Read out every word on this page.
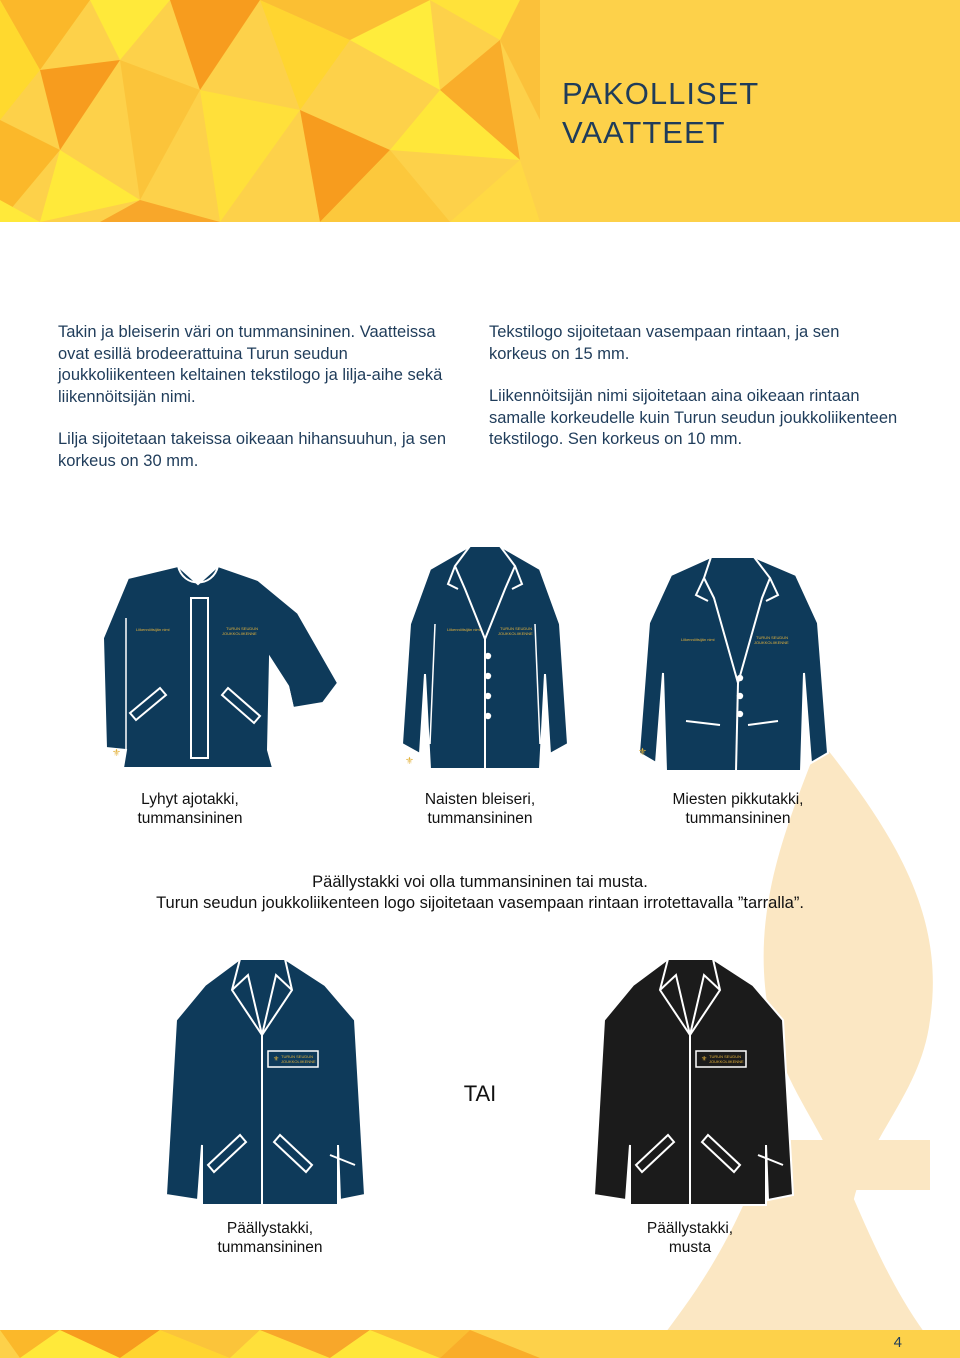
PAKOLLISET
VAATTEET

Takin ja bleiserin väri on tummansininen. Vaatteissa ovat esillä brodeerattuina Turun seudun joukkoliikenteen keltainen tekstilogo ja lilja-aihe sekä liikennöitsijän nimi.

Lilja sijoitetaan takeissa oikeaan hihansuuhun, ja sen korkeus on 30 mm.

Tekstilogo sijoitetaan vasempaan rintaan, ja sen korkeus on 15 mm.

Liikennöitsijän nimi sijoitetaan aina oikeaan rintaan samalle korkeudelle kuin Turun seudun joukkoliikenteen tekstilogo. Sen korkeus on 10 mm.

Liikennöitsijän nimi	TURUN SEUDUN
JOUKKOLIIKENNE
⚜
Liikennöitsijän nimi	TURUN SEUDUN
JOUKKOLIIKENNE
⚜
Liikennöitsijän nimi	TURUN SEUDUN
JOUKKOLIIKENNE
⚜
Lyhyt ajotakki,
tummansininen
Naisten bleiseri,
tummansininen
Miesten pikkutakki,
tummansininen
Päällystakki voi olla tummansininen tai musta.
Turun seudun joukkoliikenteen logo sijoitetaan vasempaan rintaan irrotettavalla ”tarralla”.
⚜ TURUN SEUDUN
JOUKKOLIIKENNE
TAI
⚜ TURUN SEUDUN
JOUKKOLIIKENNE
Päällystakki,
tummansininen
Päällystakki,
musta
4
